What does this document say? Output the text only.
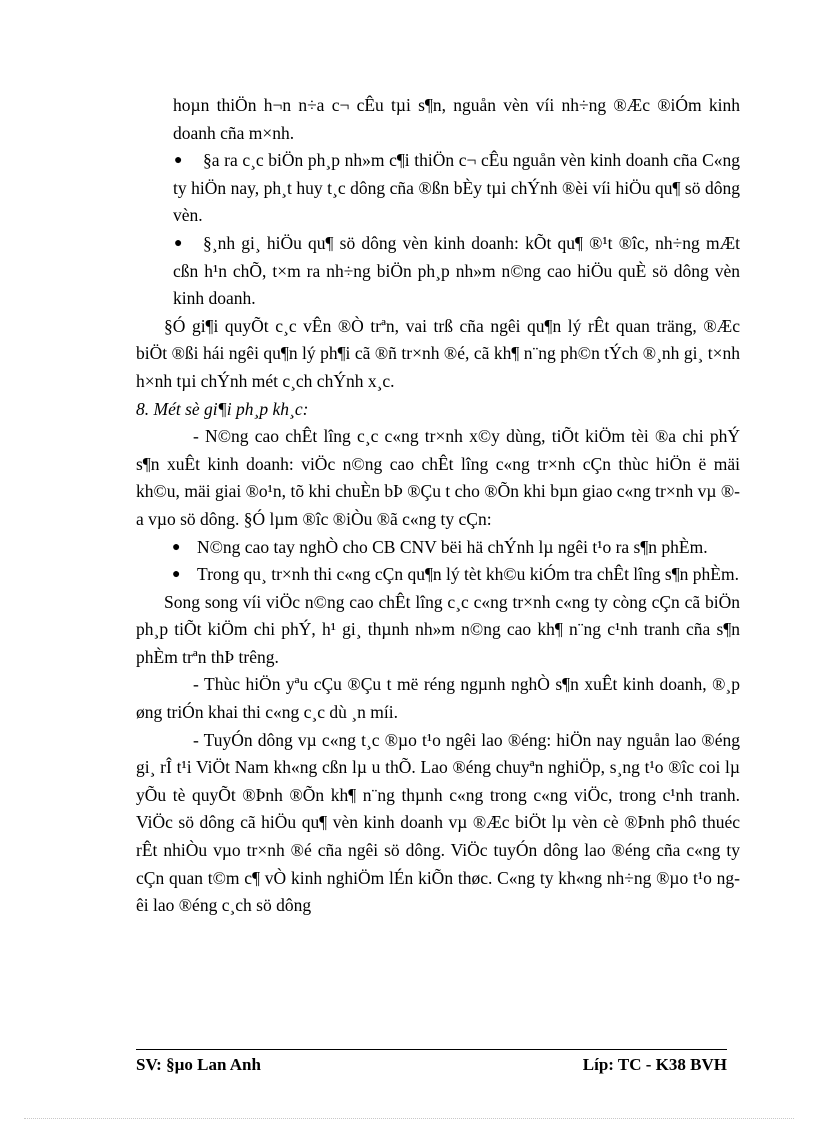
hoµn thiÖn h¬n n÷a c¬ cÊu tµi s¶n, nguån vèn víi nh÷ng ®Æc ®iÓm kinh doanh cña m×nh.

●	§a ra c¸c biÖn ph¸p nh»m c¶i thiÖn c¬ cÊu nguån vèn kinh doanh cña C«ng ty hiÖn nay, ph¸t huy t¸c dông cña ®ßn bÈy tµi chÝnh ®èi víi hiÖu qu¶ sö dông vèn.

●	§¸nh gi¸ hiÖu qu¶ sö dông vèn kinh doanh: kÕt qu¶ ®¹t ®îc, nh÷ng mÆt cßn h¹n chÕ, t×m ra nh÷ng biÖn ph¸p nh»m n©ng cao hiÖu quÈ sö dông vèn kinh doanh.

§Ó gi¶i quyÕt c¸c vÊn ®Ò trªn, vai trß cña ngêi qu¶n lý rÊt quan träng, ®Æc biÖt ®ßi hái ngêi qu¶n lý ph¶i cã ®ñ tr×nh ®é, cã kh¶ n¨ng ph©n tÝch ®¸nh gi¸ t×nh h×nh tµi chÝnh mét c¸ch chÝnh x¸c.

8. Mét sè gi¶i ph¸p kh¸c:

- N©ng cao chÊt lîng c¸c c«ng tr×nh x©y dùng, tiÕt kiÖm tèi ®a chi phÝ s¶n xuÊt kinh doanh: viÖc n©ng cao chÊt lîng c«ng tr×nh cÇn thùc hiÖn ë mäi kh©u, mäi giai ®o¹n, tõ khi chuÈn bÞ ®Çu t cho ®Õn khi bµn giao c«ng tr×nh vµ ®a vµo sö dông. §Ó lµm ®îc ®iÒu ®ã c«ng ty cÇn:

● N©ng cao tay nghÒ cho CB CNV bëi hä chÝnh lµ ngêi t¹o ra s¶n phÈm.

● Trong qu¸ tr×nh thi c«ng cÇn qu¶n lý tèt kh©u kiÓm tra chÊt lîng s¶n phÈm.

Song song víi viÖc n©ng cao chÊt lîng c¸c c«ng tr×nh c«ng ty còng cÇn cã biÖn ph¸p tiÕt kiÖm chi phÝ, h¹ gi¸ thµnh nh»m n©ng cao kh¶ n¨ng c¹nh tranh cña s¶n phÈm trªn thÞ trêng.

- Thùc hiÖn yªu cÇu ®Çu t më réng ngµnh nghÒ s¶n xuÊt kinh doanh, ®¸p øng triÓn khai thi c«ng c¸c dù ¸n míi.

- TuyÓn dông vµ c«ng t¸c ®µo t¹o ngêi lao ®éng: hiÖn nay nguån lao ®éng gi¸ rÎ t¹i ViÖt Nam kh«ng cßn lµ u thÕ. Lao ®éng chuyªn nghiÖp, s¸ng t¹o ®îc coi lµ yÕu tè quyÕt ®Þnh ®Õn kh¶ n¨ng thµnh c«ng trong c«ng viÖc, trong c¹nh tranh. ViÖc sö dông cã hiÖu qu¶ vèn kinh doanh vµ ®Æc biÖt lµ vèn cè ®Þnh phô thuéc rÊt nhiÒu vµo tr×nh ®é cña ngêi sö dông. ViÖc tuyÓn dông lao ®éng cña c«ng ty cÇn quan t©m c¶ vÒ kinh nghiÖm lÉn kiÕn thøc. C«ng ty kh«ng nh÷ng ®µo t¹o ngêi lao ®éng c¸ch sö dông

SV: §µo Lan Anh	Líp: TC - K38 BVH
